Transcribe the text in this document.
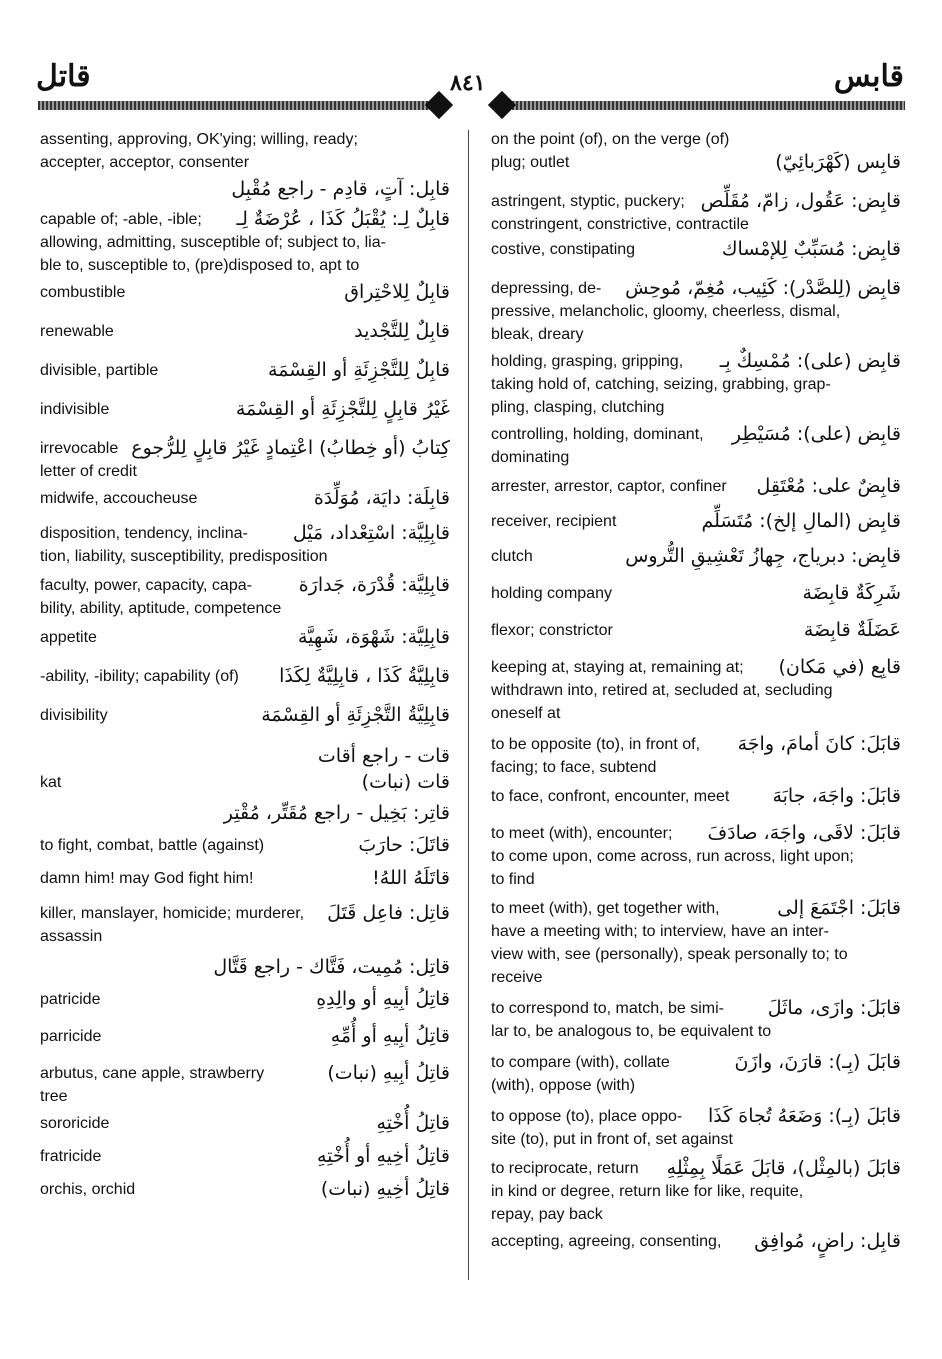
قاتل	٨٤١	قابس
assenting, approving, OK'ying; willing, ready;
accepter, acceptor, consenter
قابِل: آتٍ، قادِم - راجع مُقْبِل
capable of; -able, -ible; قابِلٌ لِـ: يُقْبَلُ كَذَا ، عُرْضَةٌ لِـ
allowing, admitting, susceptible of; subject to, lia-
ble to, susceptible to, (pre)disposed to, apt to
combustible	قابِلٌ لِلاحْتِراق
renewable	قابِلٌ لِلتَّجْديد
divisible, partible	قابِلٌ لِلتَّجْزِئَةِ أو القِسْمَة
indivisible	غَيْرُ قابِلٍ لِلتَّجْزِئَةِ أو القِسْمَة
irrevocable كِتابُ (أو خِطابُ) اعْتِمادٍ غَيْرُ قابِلٍ لِلرُّجوع
letter of credit
midwife, accoucheuse	قابِلَة: دايَة، مُوَلِّدَة
disposition, tendency, inclina- قابِلِيَّة: اسْتِعْداد، مَيْل
tion, liability, susceptibility, predisposition
faculty, power, capacity, capa- قابِلِيَّة: قُدْرَة، جَدارَة
bility, ability, aptitude, competence
appetite	قابِلِيَّة: شَهْوَة، شَهِيَّة
-ability, -ibility; capability (of) قابِلِيَّةُ كَذَا ، قابِلِيَّةٌ لِكَذَا
divisibility	قابِلِيَّةُ التَّجْزِئَةِ أو القِسْمَة
قات - راجع أقات
kat	قات (نبات)
قاتِر: بَخِيل - راجع مُقَتِّر، مُقْتِر
to fight, combat, battle (against)	قاتَلَ: حارَبَ
damn him! may God fight him!	قاتَلَهُ اللهُ!
killer, manslayer, homicide; murderer, قاتِل: فاعِل قَتَلَ
assassin
قاتِل: مُمِيت، فَتَّاك - راجع قَتَّال
patricide	قاتِلُ أبِيهِ أو والِدِهِ
parricide	قاتِلُ أبِيهِ أو أُمِّهِ
arbutus, cane apple, strawberry	قاتِلُ أبِيهِ (نبات)
tree
sororicide	قاتِلُ أُخْتِهِ
fratricide	قاتِلُ أخِيهِ أو أُخْتِهِ
orchis, orchid	قاتِلُ أخِيهِ (نبات)
on the point (of), on the verge (of)
plug; outlet	قابِس (كَهْرَبائِيّ)
astringent, styptic, puckery; قابِض: عَقُول، زامّ، مُقَلِّص
constringent, constrictive, contractile
costive, constipating	قابِض: مُسَبِّبٌ لِلإمْساك
depressing, de- قابِض (لِلصَّدْر): كَئِيب، مُغِمّ، مُوحِش
pressive, melancholic, gloomy, cheerless, dismal,
bleak, dreary
holding, grasping, gripping, قابِض (على): مُمْسِكٌ بِـ
taking hold of, catching, seizing, grabbing, grap-
pling, clasping, clutching
controlling, holding, dominant, قابِض (على): مُسَيْطِر
dominating
arrester, arrestor, captor, confiner قابِضٌ على: مُعْتَقِل
receiver, recipient	قابِض (المالِ إلخ): مُتَسَلِّم
clutch	قابِض: دبرياج، جِهازُ تَعْشِيقِ التُّروس
holding company	شَرِكَةٌ قابِضَة
flexor; constrictor	عَضَلَةٌ قابِضَة
keeping at, staying at, remaining at; قابِع (في مَكان)
withdrawn into, retired at, secluded at, secluding
oneself at
to be opposite (to), in front of, قابَلَ: كانَ أمامَ، واجَهَ
facing; to face, subtend
to face, confront, encounter, meet قابَلَ: واجَهَ، جابَهَ
to meet (with), encounter; قابَلَ: لاقَى، واجَهَ، صادَفَ
to come upon, come across, run across, light upon;
to find
to meet (with), get together with,	قابَلَ: اجْتَمَعَ إلى
have a meeting with; to interview, have an inter-
view with, see (personally), speak personally to; to
receive
to correspond to, match, be simi- قابَلَ: وازَى، ماثَلَ
lar to, be analogous to, be equivalent to
to compare (with), collate	قابَلَ (بِـ): قارَنَ، وازَنَ
(with), oppose (with)
to oppose (to), place oppo- قابَلَ (بِـ): وَضَعَهُ تُجاهَ كَذَا
site (to), put in front of, set against
to reciprocate, return قابَلَ (بالمِثْل)، قابَلَ عَمَلًا بِمِثْلِهِ
in kind or degree, return like for like, requite,
repay, pay back
accepting, agreeing, consenting, قابِل: راضٍ، مُوافِق
